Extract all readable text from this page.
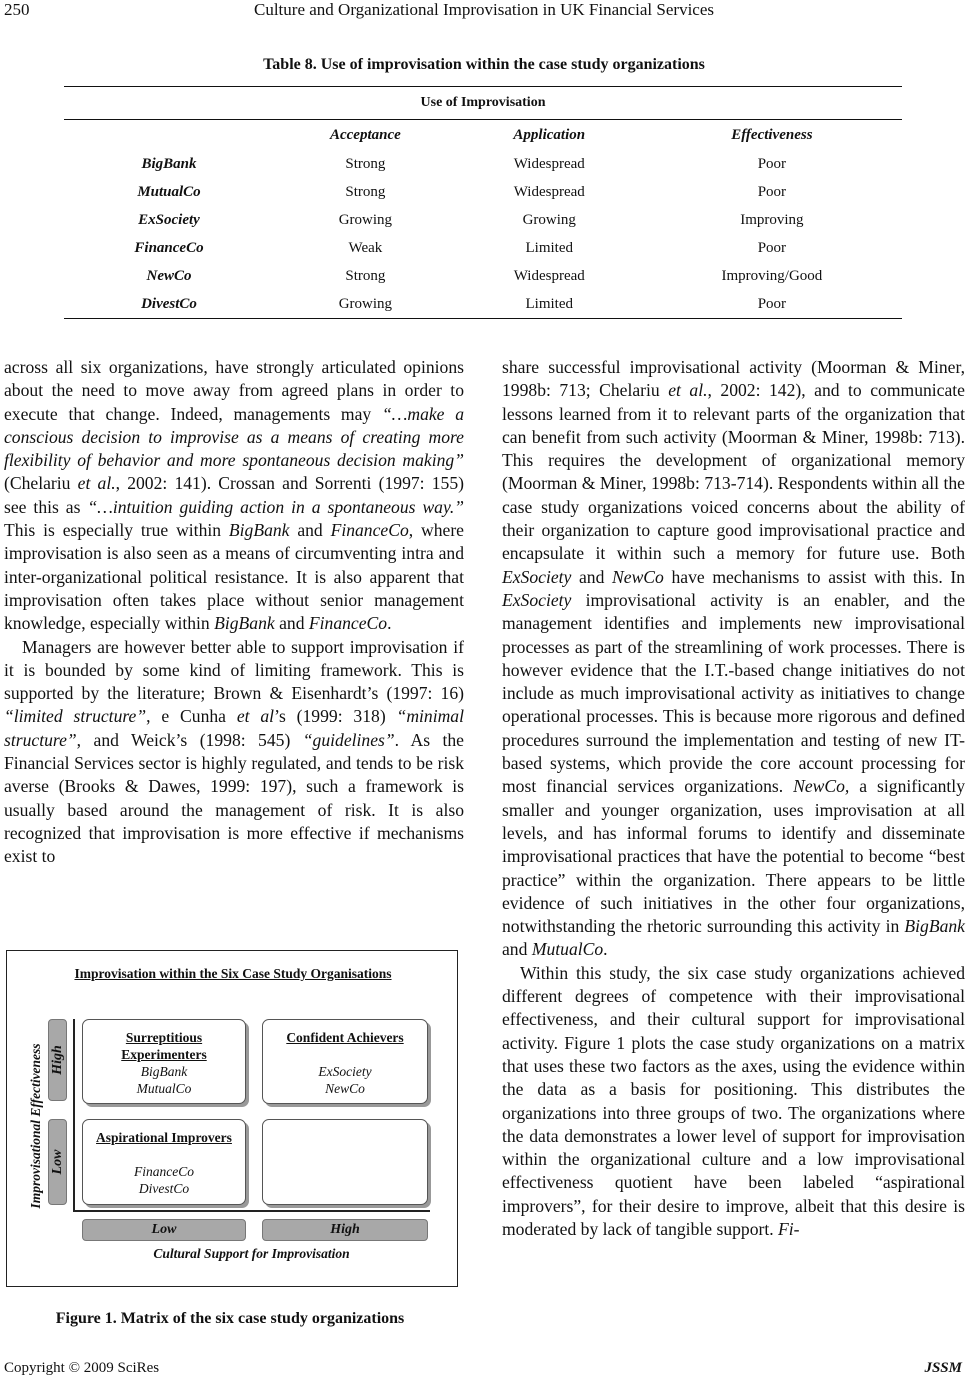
250	Culture and Organizational Improvisation in UK Financial Services
Table 8. Use of improvisation within the case study organizations
Use of Improvisation			
	Acceptance	Application	Effectiveness
BigBank	Strong	Widespread	Poor
MutualCo	Strong	Widespread	Poor
ExSociety	Growing	Growing	Improving
FinanceCo	Weak	Limited	Poor
NewCo	Strong	Widespread	Improving/Good
DivestCo	Growing	Limited	Poor

across all six organizations, have strongly articulated opinions about the need to move away from agreed plans in order to execute that change. Indeed, managements may “…make a conscious decision to improvise as a means of creating more flexibility of behavior and more spontaneous decision making” (Chelariu et al., 2002: 141). Crossan and Sorrenti (1997: 155) see this as “…intuition guiding action in a spontaneous way.” This is especially true within BigBank and FinanceCo, where improvisation is also seen as a means of circumventing intra and inter-organizational political resistance. It is also apparent that improvisation often takes place without senior management knowledge, especially within BigBank and FinanceCo.

Managers are however better able to support improvisation if it is bounded by some kind of limiting framework. This is supported by the literature; Brown & Eisenhardt’s (1997: 16) “limited structure”, e Cunha et al’s (1999: 318) “minimal structure”, and Weick’s (1998: 545) “guidelines”. As the Financial Services sector is highly regulated, and tends to be risk averse (Brooks & Dawes, 1999: 197), such a framework is usually based around the management of risk. It is also recognized that improvisation is more effective if mechanisms exist to

Improvisation within the Six Case Study Organisations
Improvisational Effectiveness High
Low
Surreptitious Experimenters
BigBank
MutualCo
Confident Achievers
ExSociety
NewCo
Aspirational Improvers
FinanceCo
DivestCo
Low	High
Cultural Support for Improvisation
Figure 1. Matrix of the six case study organizations

share successful improvisational activity (Moorman & Miner, 1998b: 713; Chelariu et al., 2002: 142), and to communicate lessons learned from it to relevant parts of the organization that can benefit from such activity (Moorman & Miner, 1998b: 713). This requires the development of organizational memory (Moorman & Miner, 1998b: 713-714). Respondents within all the case study organizations voiced concerns about the ability of their organization to capture good improvisational practice and encapsulate it within such a memory for future use. Both ExSociety and NewCo have mechanisms to assist with this. In ExSociety improvisational activity is an enabler, and the management identifies and implements new improvisational processes as part of the streamlining of work processes. There is however evidence that the I.T.-based change initiatives do not include as much improvisational activity as initiatives to change operational processes. This is because more rigorous and defined procedures surround the implementation and testing of new IT-based systems, which provide the core account processing for most financial services organizations. NewCo, a significantly smaller and younger organization, uses improvisation at all levels, and has informal forums to identify and disseminate improvisational practices that have the potential to become “best practice” within the organization. There appears to be little evidence of such initiatives in the other four organizations, notwithstanding the rhetoric surrounding this activity in BigBank and MutualCo.

Within this study, the six case study organizations achieved different degrees of competence with their improvisational effectiveness, and their cultural support for improvisational activity. Figure 1 plots the case study organizations on a matrix that uses these two factors as the axes, using the evidence within the data as a basis for positioning. This distributes the organizations into three groups of two. The organizations where the data demonstrates a lower level of support for improvisation within the organizational culture and a low improvisational effectiveness quotient have been labeled “aspirational improvers”, for their desire to improve, albeit that this desire is moderated by lack of tangible support. Fi-

Copyright © 2009 SciRes	JSSM
